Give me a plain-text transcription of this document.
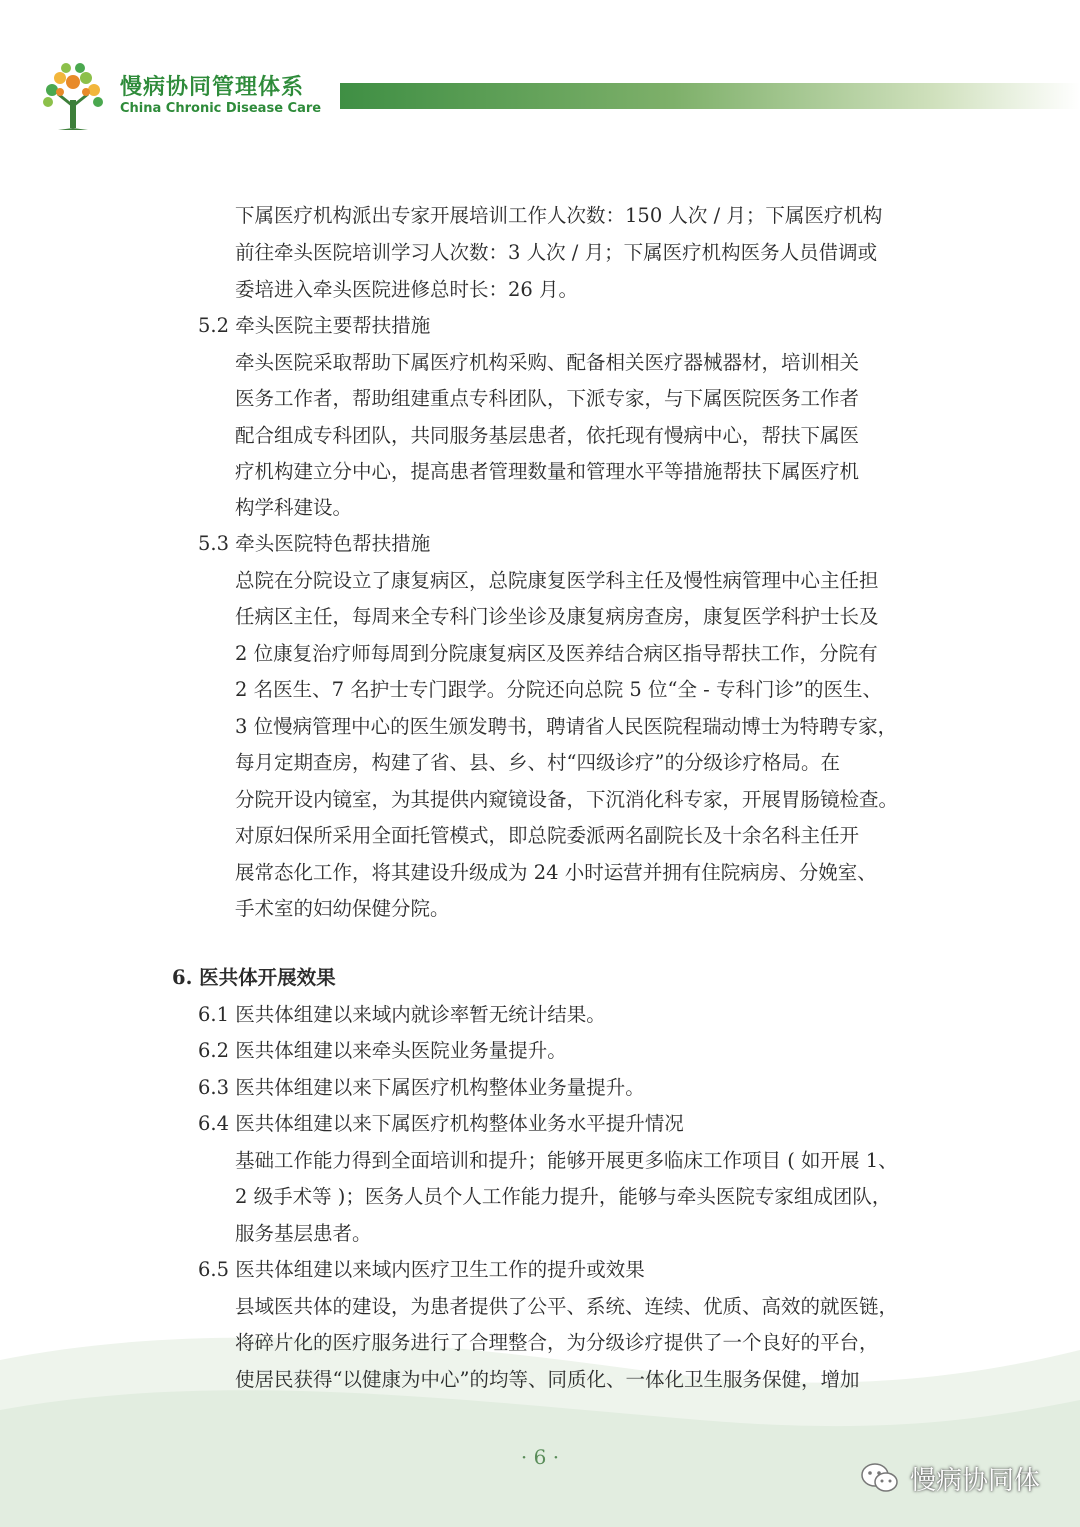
慢病协同管理体系
China Chronic Disease Care
下属医疗机构派出专家开展培训工作人次数：150 人次 / 月；下属医疗机构
前往牵头医院培训学习人次数：3 人次 / 月；下属医疗机构医务人员借调或
委培进入牵头医院进修总时长：26 月。
5.2 牵头医院主要帮扶措施
牵头医院采取帮助下属医疗机构采购、配备相关医疗器械器材，培训相关
医务工作者，帮助组建重点专科团队，下派专家，与下属医院医务工作者
配合组成专科团队，共同服务基层患者，依托现有慢病中心，帮扶下属医
疗机构建立分中心，提高患者管理数量和管理水平等措施帮扶下属医疗机
构学科建设。
5.3 牵头医院特色帮扶措施
总院在分院设立了康复病区，总院康复医学科主任及慢性病管理中心主任担
任病区主任，每周来全专科门诊坐诊及康复病房查房，康复医学科护士长及
2 位康复治疗师每周到分院康复病区及医养结合病区指导帮扶工作，分院有
2 名医生、7 名护士专门跟学。分院还向总院 5 位“全 - 专科门诊”的医生、
3 位慢病管理中心的医生颁发聘书，聘请省人民医院程瑞动博士为特聘专家，
每月定期查房，构建了省、县、乡、村“四级诊疗”的分级诊疗格局。在
分院开设内镜室，为其提供内窥镜设备，下沉消化科专家，开展胃肠镜检查。
对原妇保所采用全面托管模式，即总院委派两名副院长及十余名科主任开
展常态化工作，将其建设升级成为 24 小时运营并拥有住院病房、分娩室、
手术室的妇幼保健分院。
6. 医共体开展效果
6.1 医共体组建以来域内就诊率暂无统计结果。
6.2 医共体组建以来牵头医院业务量提升。
6.3 医共体组建以来下属医疗机构整体业务量提升。
6.4 医共体组建以来下属医疗机构整体业务水平提升情况
基础工作能力得到全面培训和提升；能够开展更多临床工作项目 ( 如开展 1、
2 级手术等 )；医务人员个人工作能力提升，能够与牵头医院专家组成团队，
服务基层患者。
6.5 医共体组建以来域内医疗卫生工作的提升或效果
县域医共体的建设，为患者提供了公平、系统、连续、优质、高效的就医链，
将碎片化的医疗服务进行了合理整合，为分级诊疗提供了一个良好的平台，
使居民获得“以健康为中心”的均等、同质化、一体化卫生服务保健，增加
· 6 ·
慢病协同体
